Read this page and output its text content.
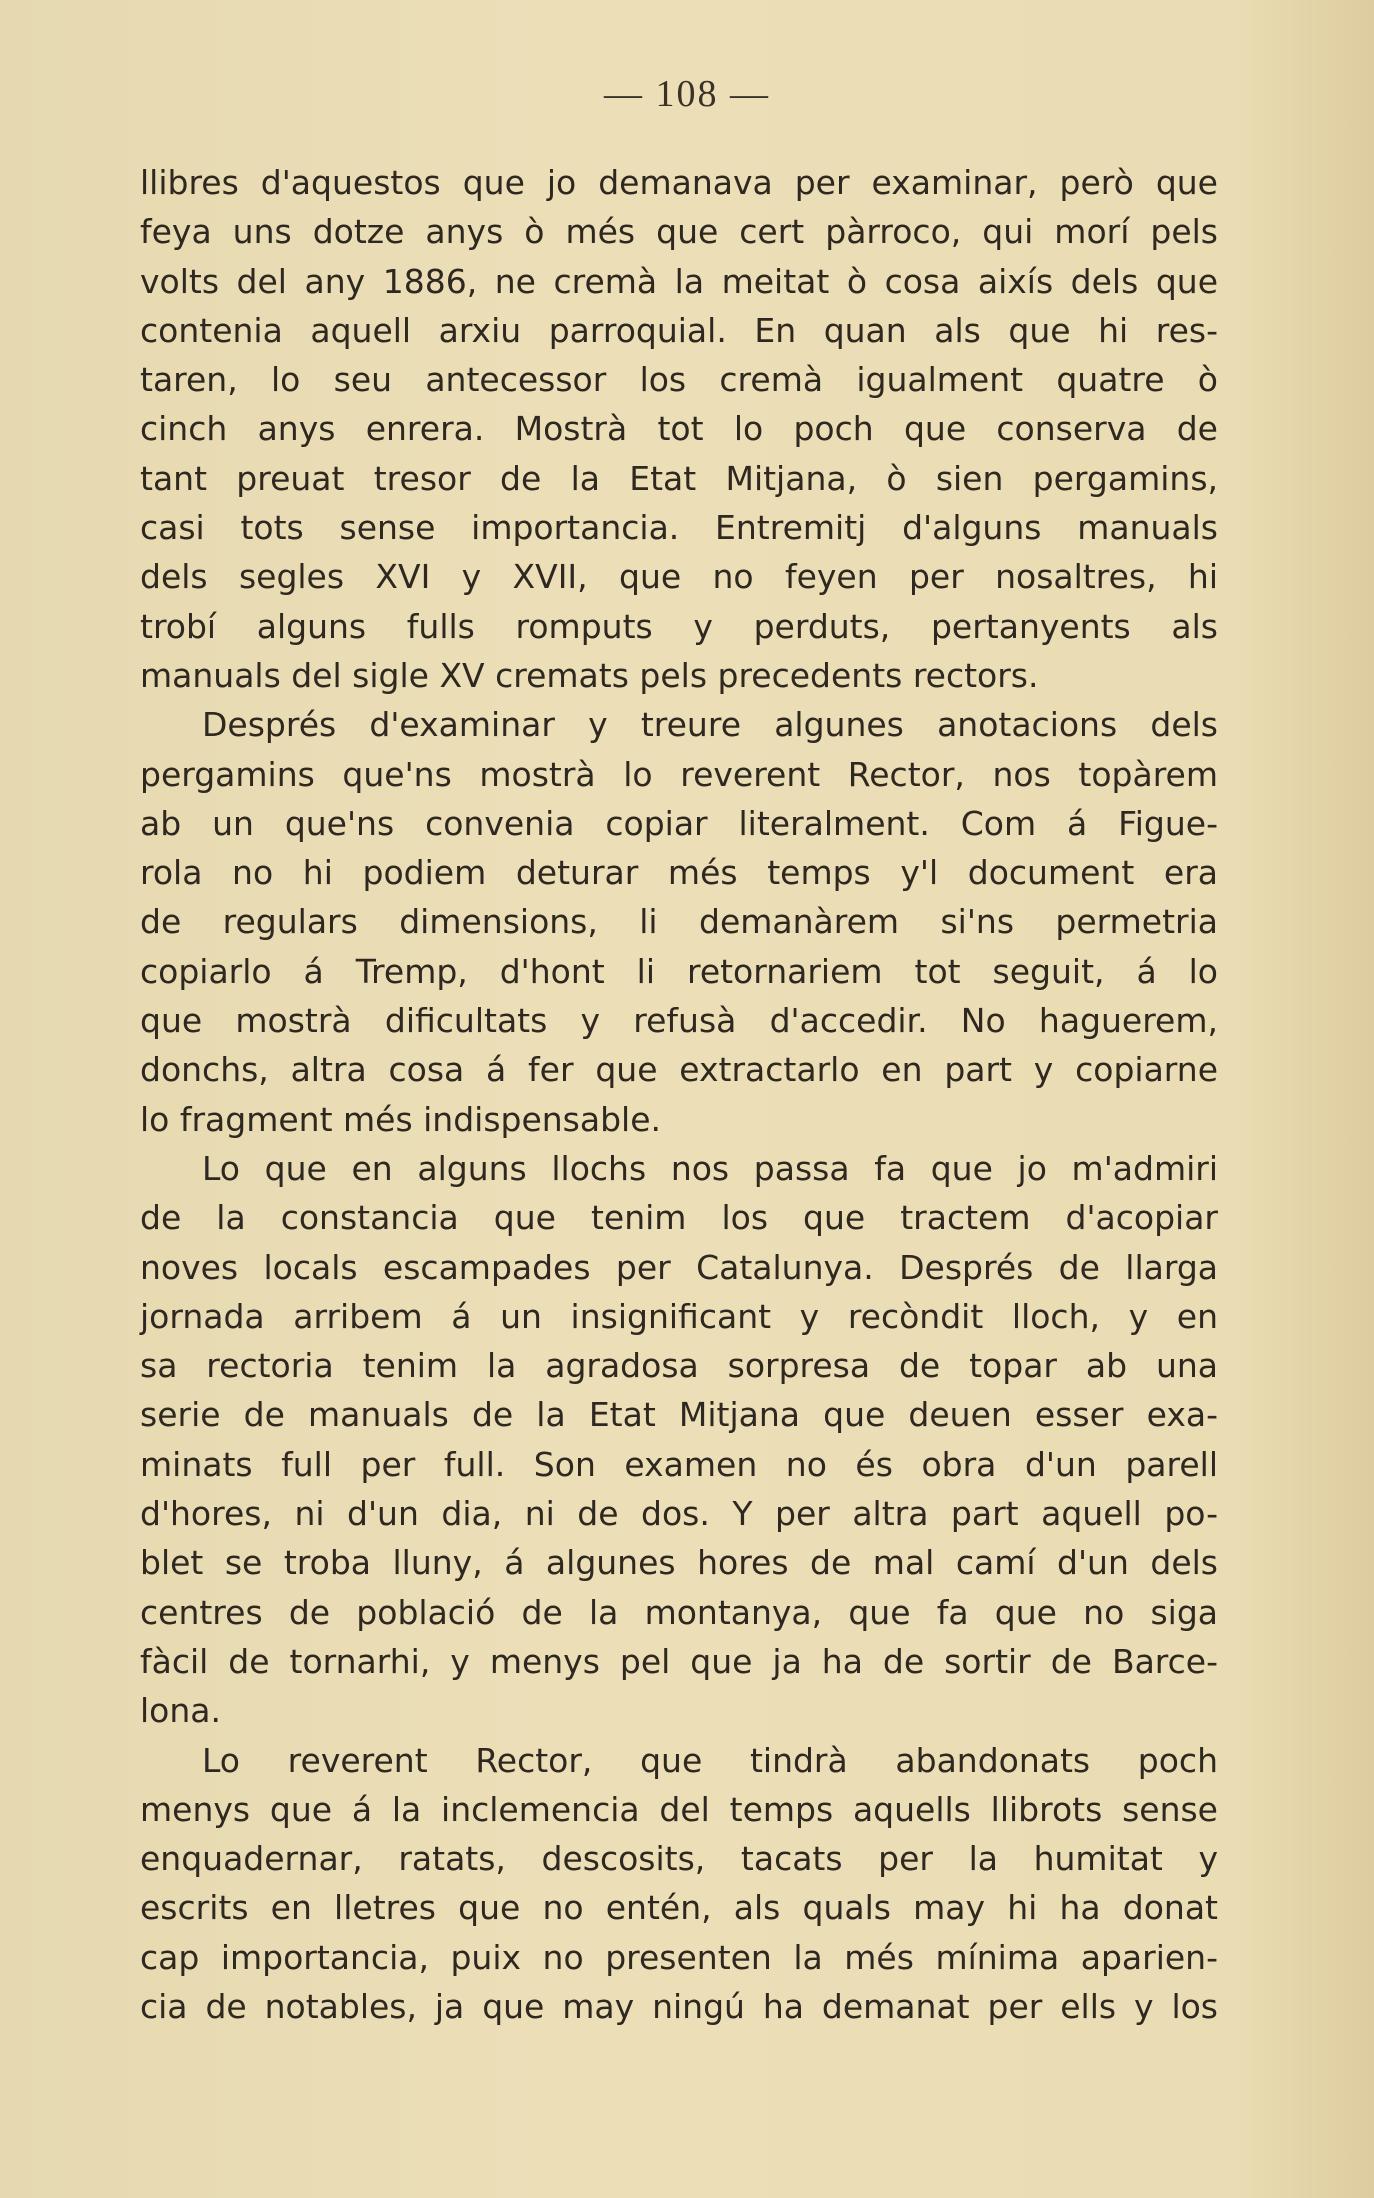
— 108 —
llibres d'aquestos que jo demanava per examinar, però que
feya uns dotze anys ò més que cert pàrroco, qui morí pels
volts del any 1886, ne cremà la meitat ò cosa aixís dels que
contenia aquell arxiu parroquial. En quan als que hi res-
taren, lo seu antecessor los cremà igualment quatre ò
cinch anys enrera. Mostrà tot lo poch que conserva de
tant preuat tresor de la Etat Mitjana, ò sien pergamins,
casi tots sense importancia. Entremitj d'alguns manuals
dels segles XVI y XVII, que no feyen per nosaltres, hi
trobí alguns fulls romputs y perduts, pertanyents als
manuals del sigle XV cremats pels precedents rectors.
Després d'examinar y treure algunes anotacions dels
pergamins que'ns mostrà lo reverent Rector, nos topàrem
ab un que'ns convenia copiar literalment. Com á Figue-
rola no hi podiem deturar més temps y'l document era
de regulars dimensions, li demanàrem si'ns permetria
copiarlo á Tremp, d'hont li retornariem tot seguit, á lo
que mostrà dificultats y refusà d'accedir. No haguerem,
donchs, altra cosa á fer que extractarlo en part y copiarne
lo fragment més indispensable.
Lo que en alguns llochs nos passa fa que jo m'admiri
de la constancia que tenim los que tractem d'acopiar
noves locals escampades per Catalunya. Després de llarga
jornada arribem á un insignificant y recòndit lloch, y en
sa rectoria tenim la agradosa sorpresa de topar ab una
serie de manuals de la Etat Mitjana que deuen esser exa-
minats full per full. Son examen no és obra d'un parell
d'hores, ni d'un dia, ni de dos. Y per altra part aquell po-
blet se troba lluny, á algunes hores de mal camí d'un dels
centres de població de la montanya, que fa que no siga
fàcil de tornarhi, y menys pel que ja ha de sortir de Barce-
lona.
Lo reverent Rector, que tindrà abandonats poch
menys que á la inclemencia del temps aquells llibrots sense
enquadernar, ratats, descosits, tacats per la humitat y
escrits en lletres que no entén, als quals may hi ha donat
cap importancia, puix no presenten la més mínima aparien-
cia de notables, ja que may ningú ha demanat per ells y los
